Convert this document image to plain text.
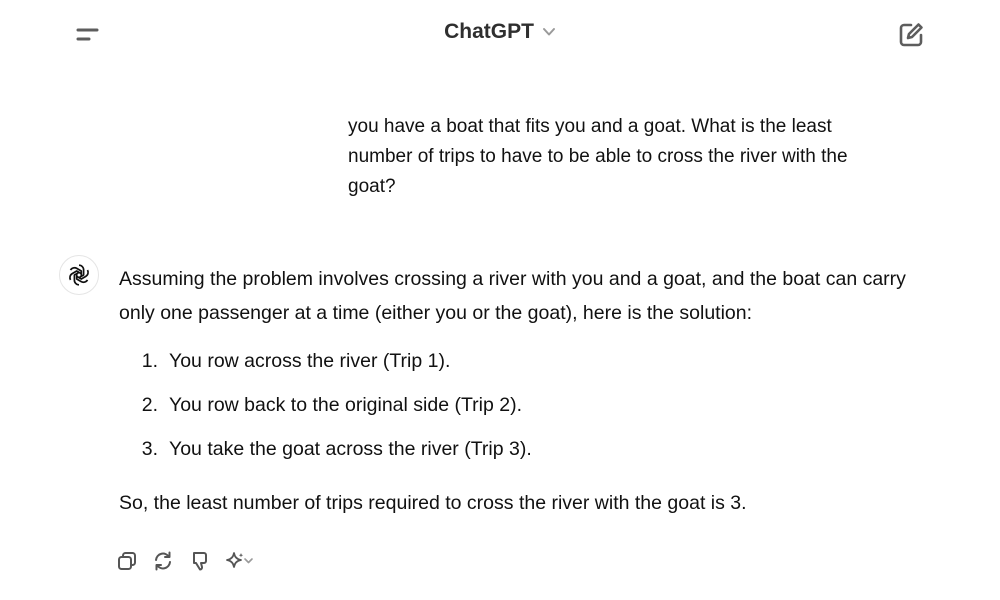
ChatGPT

you have a boat that fits you and a goat. What is the least

number of trips to have to be able to cross the river with the

goat?

Assuming the problem involves crossing a river with you and a goat, and the boat can carry only one passenger at a time (either you or the goat), here is the solution:

1. You row across the river (Trip 1).
2. You row back to the original side (Trip 2).
3. You take the goat across the river (Trip 3).

So, the least number of trips required to cross the river with the goat is 3.
